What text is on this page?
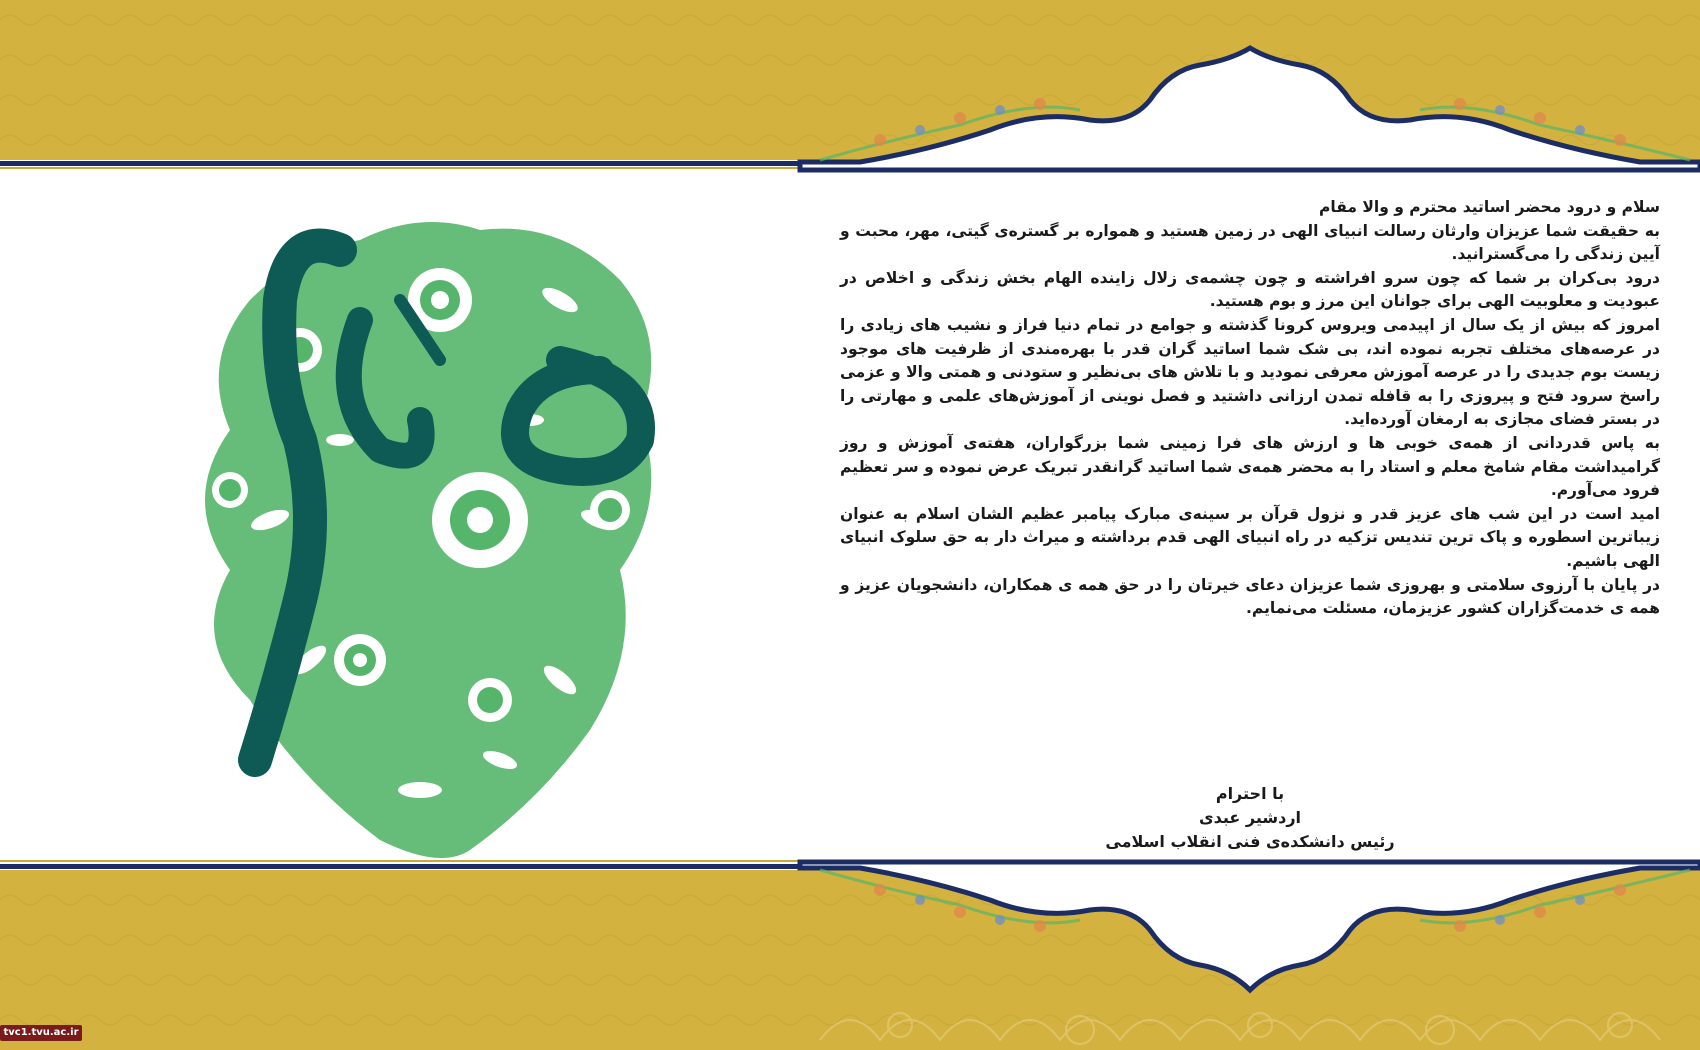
سلام و درود محضر اساتید محترم و والا مقام

به حقیقت شما عزیزان وارثان رسالت انبیای الهی در زمین هستید و همواره بر گستره‌ی گیتی، مهر، محبت و آیین زندگی را می‌گسترانید.

درود بی‌کران بر شما که چون سرو افراشته و چون چشمه‌ی زلال زاینده الهام بخش زندگی و اخلاص در عبودیت و معلوبیت الهی برای جوانان این مرز و بوم هستید.

امروز که بیش از یک سال از اپیدمی ویروس کرونا گذشته و جوامع در تمام دنیا فراز و نشیب های زیادی را در عرصه‌های مختلف تجربه نموده اند، بی شک شما اساتید گران قدر با بهره‌مندی از ظرفیت های موجود زیست بوم جدیدی را در عرصه آموزش معرفی نمودید و با تلاش های بی‌نظیر و ستودنی و همتی والا و عزمی راسخ سرود فتح و پیروزی را به قافله تمدن ارزانی داشتید و فصل نوینی از آموزش‌های علمی و مهارتی را در بستر فضای مجازی به ارمغان آورده‌اید.

به پاس قدردانی از همه‌ی خوبی ها و ارزش های فرا زمینی شما بزرگواران، هفته‌ی آموزش و روز گرامیداشت مقام شامخ معلم و استاد را به محضر همه‌ی شما اساتید گرانقدر تبریک عرض نموده و سر تعظیم فرود می‌آورم.

امید است در این شب های عزیز قدر و نزول قرآن بر سینه‌ی مبارک پیامبر عظیم الشان اسلام به عنوان زیباترین اسطوره و پاک ترین تندیس تزکیه در راه انبیای الهی قدم برداشته و میراث دار به حق سلوک انبیای الهی باشیم.

در پایان با آرزوی سلامتی و بهروزی شما عزیزان دعای خیرتان را در حق همه ی همکاران، دانشجویان عزیز و همه ی خدمت‌گزاران کشور عزیزمان، مسئلت می‌نمایم.

با احترام
اردشیر عبدی
رئیس دانشکده‌ی فنی انقلاب اسلامی
tvc1.tvu.ac.ir
